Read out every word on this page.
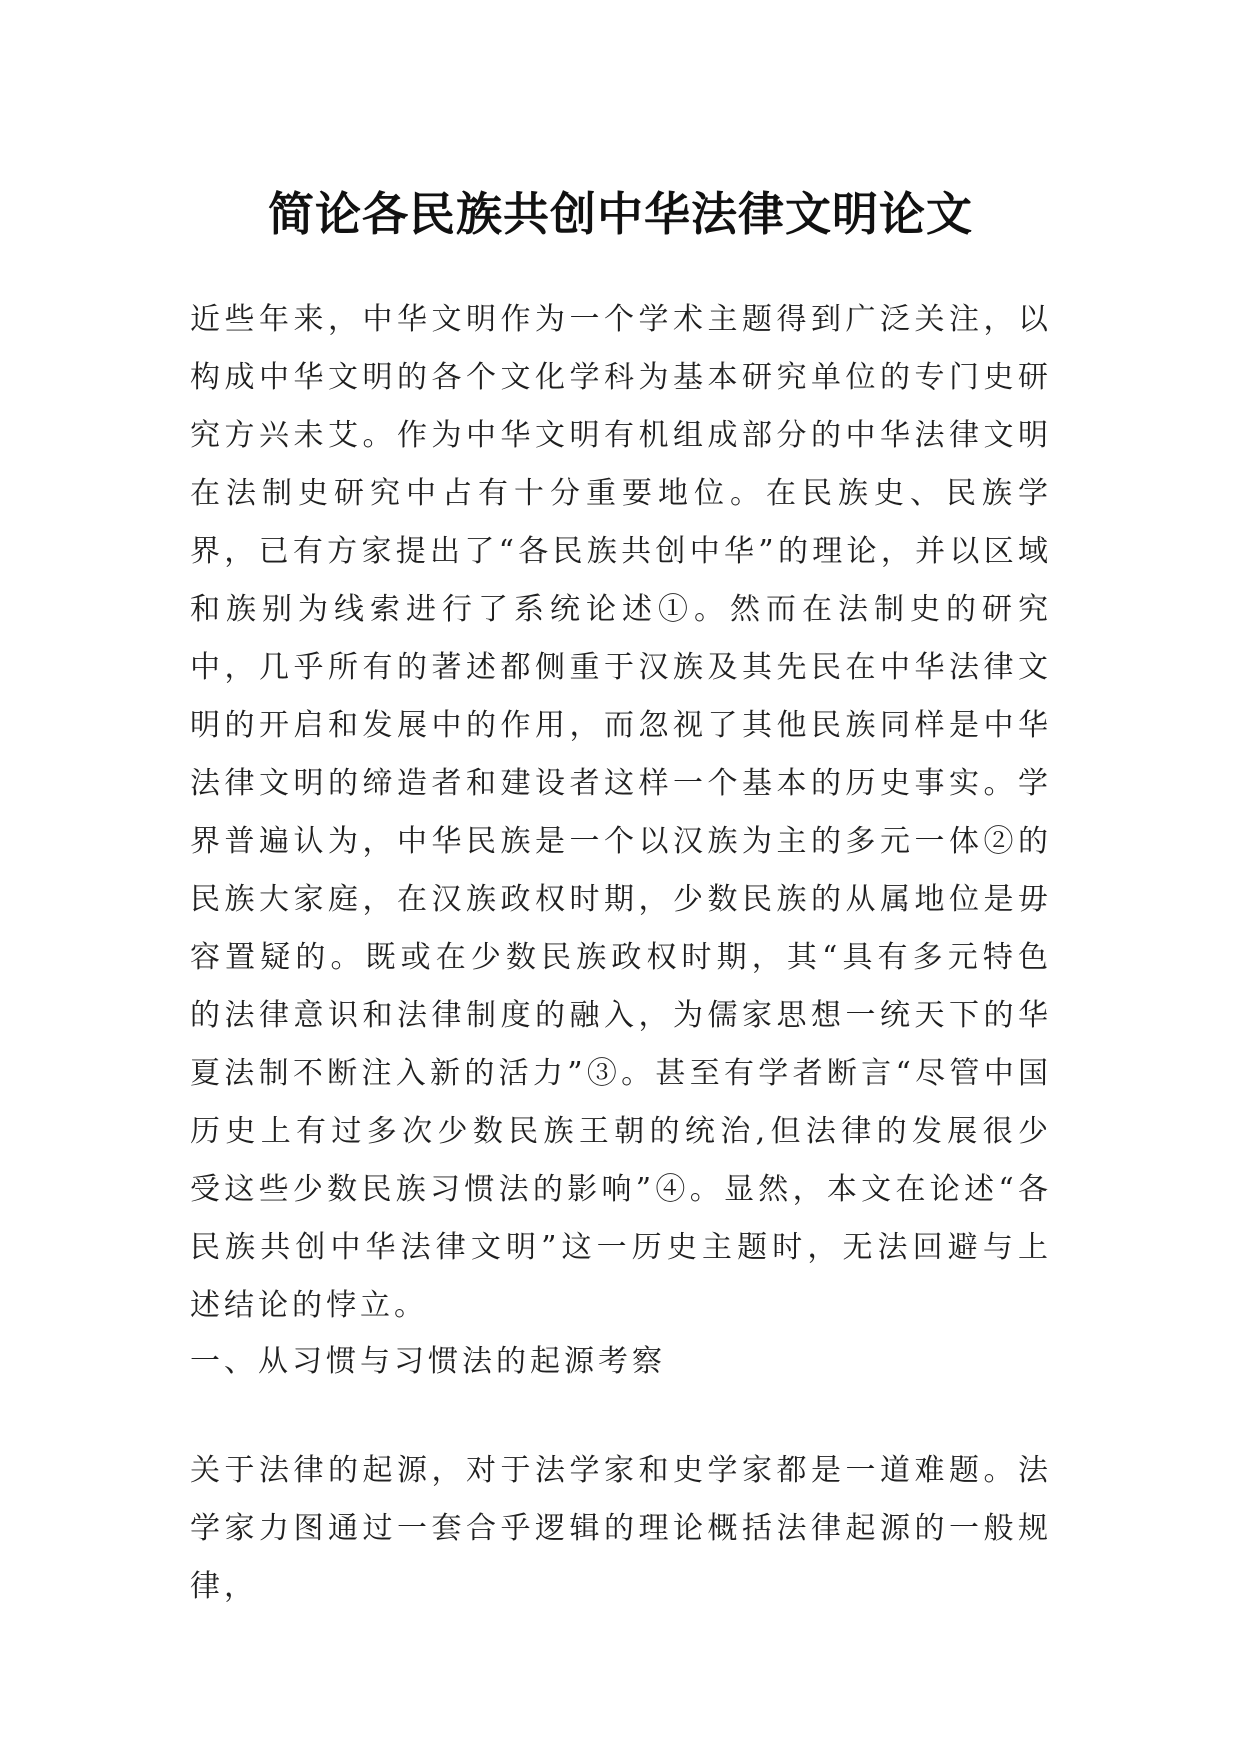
简论各民族共创中华法律文明论文

近些年来，中华文明作为一个学术主题得到广泛关注，以构成中华文明的各个文化学科为基本研究单位的专门史研究方兴未艾。作为中华文明有机组成部分的中华法律文明在法制史研究中占有十分重要地位。在民族史、民族学界，已有方家提出了“各民族共创中华”的理论，并以区域和族别为线索进行了系统论述①。然而在法制史的研究中，几乎所有的著述都侧重于汉族及其先民在中华法律文明的开启和发展中的作用，而忽视了其他民族同样是中华法律文明的缔造者和建设者这样一个基本的历史事实。学界普遍认为，中华民族是一个以汉族为主的多元一体②的民族大家庭，在汉族政权时期，少数民族的从属地位是毋容置疑的。既或在少数民族政权时期，其“具有多元特色的法律意识和法律制度的融入，为儒家思想一统天下的华夏法制不断注入新的活力”③。甚至有学者断言“尽管中国历史上有过多次少数民族王朝的统治,但法律的发展很少受这些少数民族习惯法的影响”④。显然，本文在论述“各民族共创中华法律文明”这一历史主题时，无法回避与上述结论的悖立。

一、从习惯与习惯法的起源考察

关于法律的起源，对于法学家和史学家都是一道难题。法学家力图通过一套合乎逻辑的理论概括法律起源的一般规律，
